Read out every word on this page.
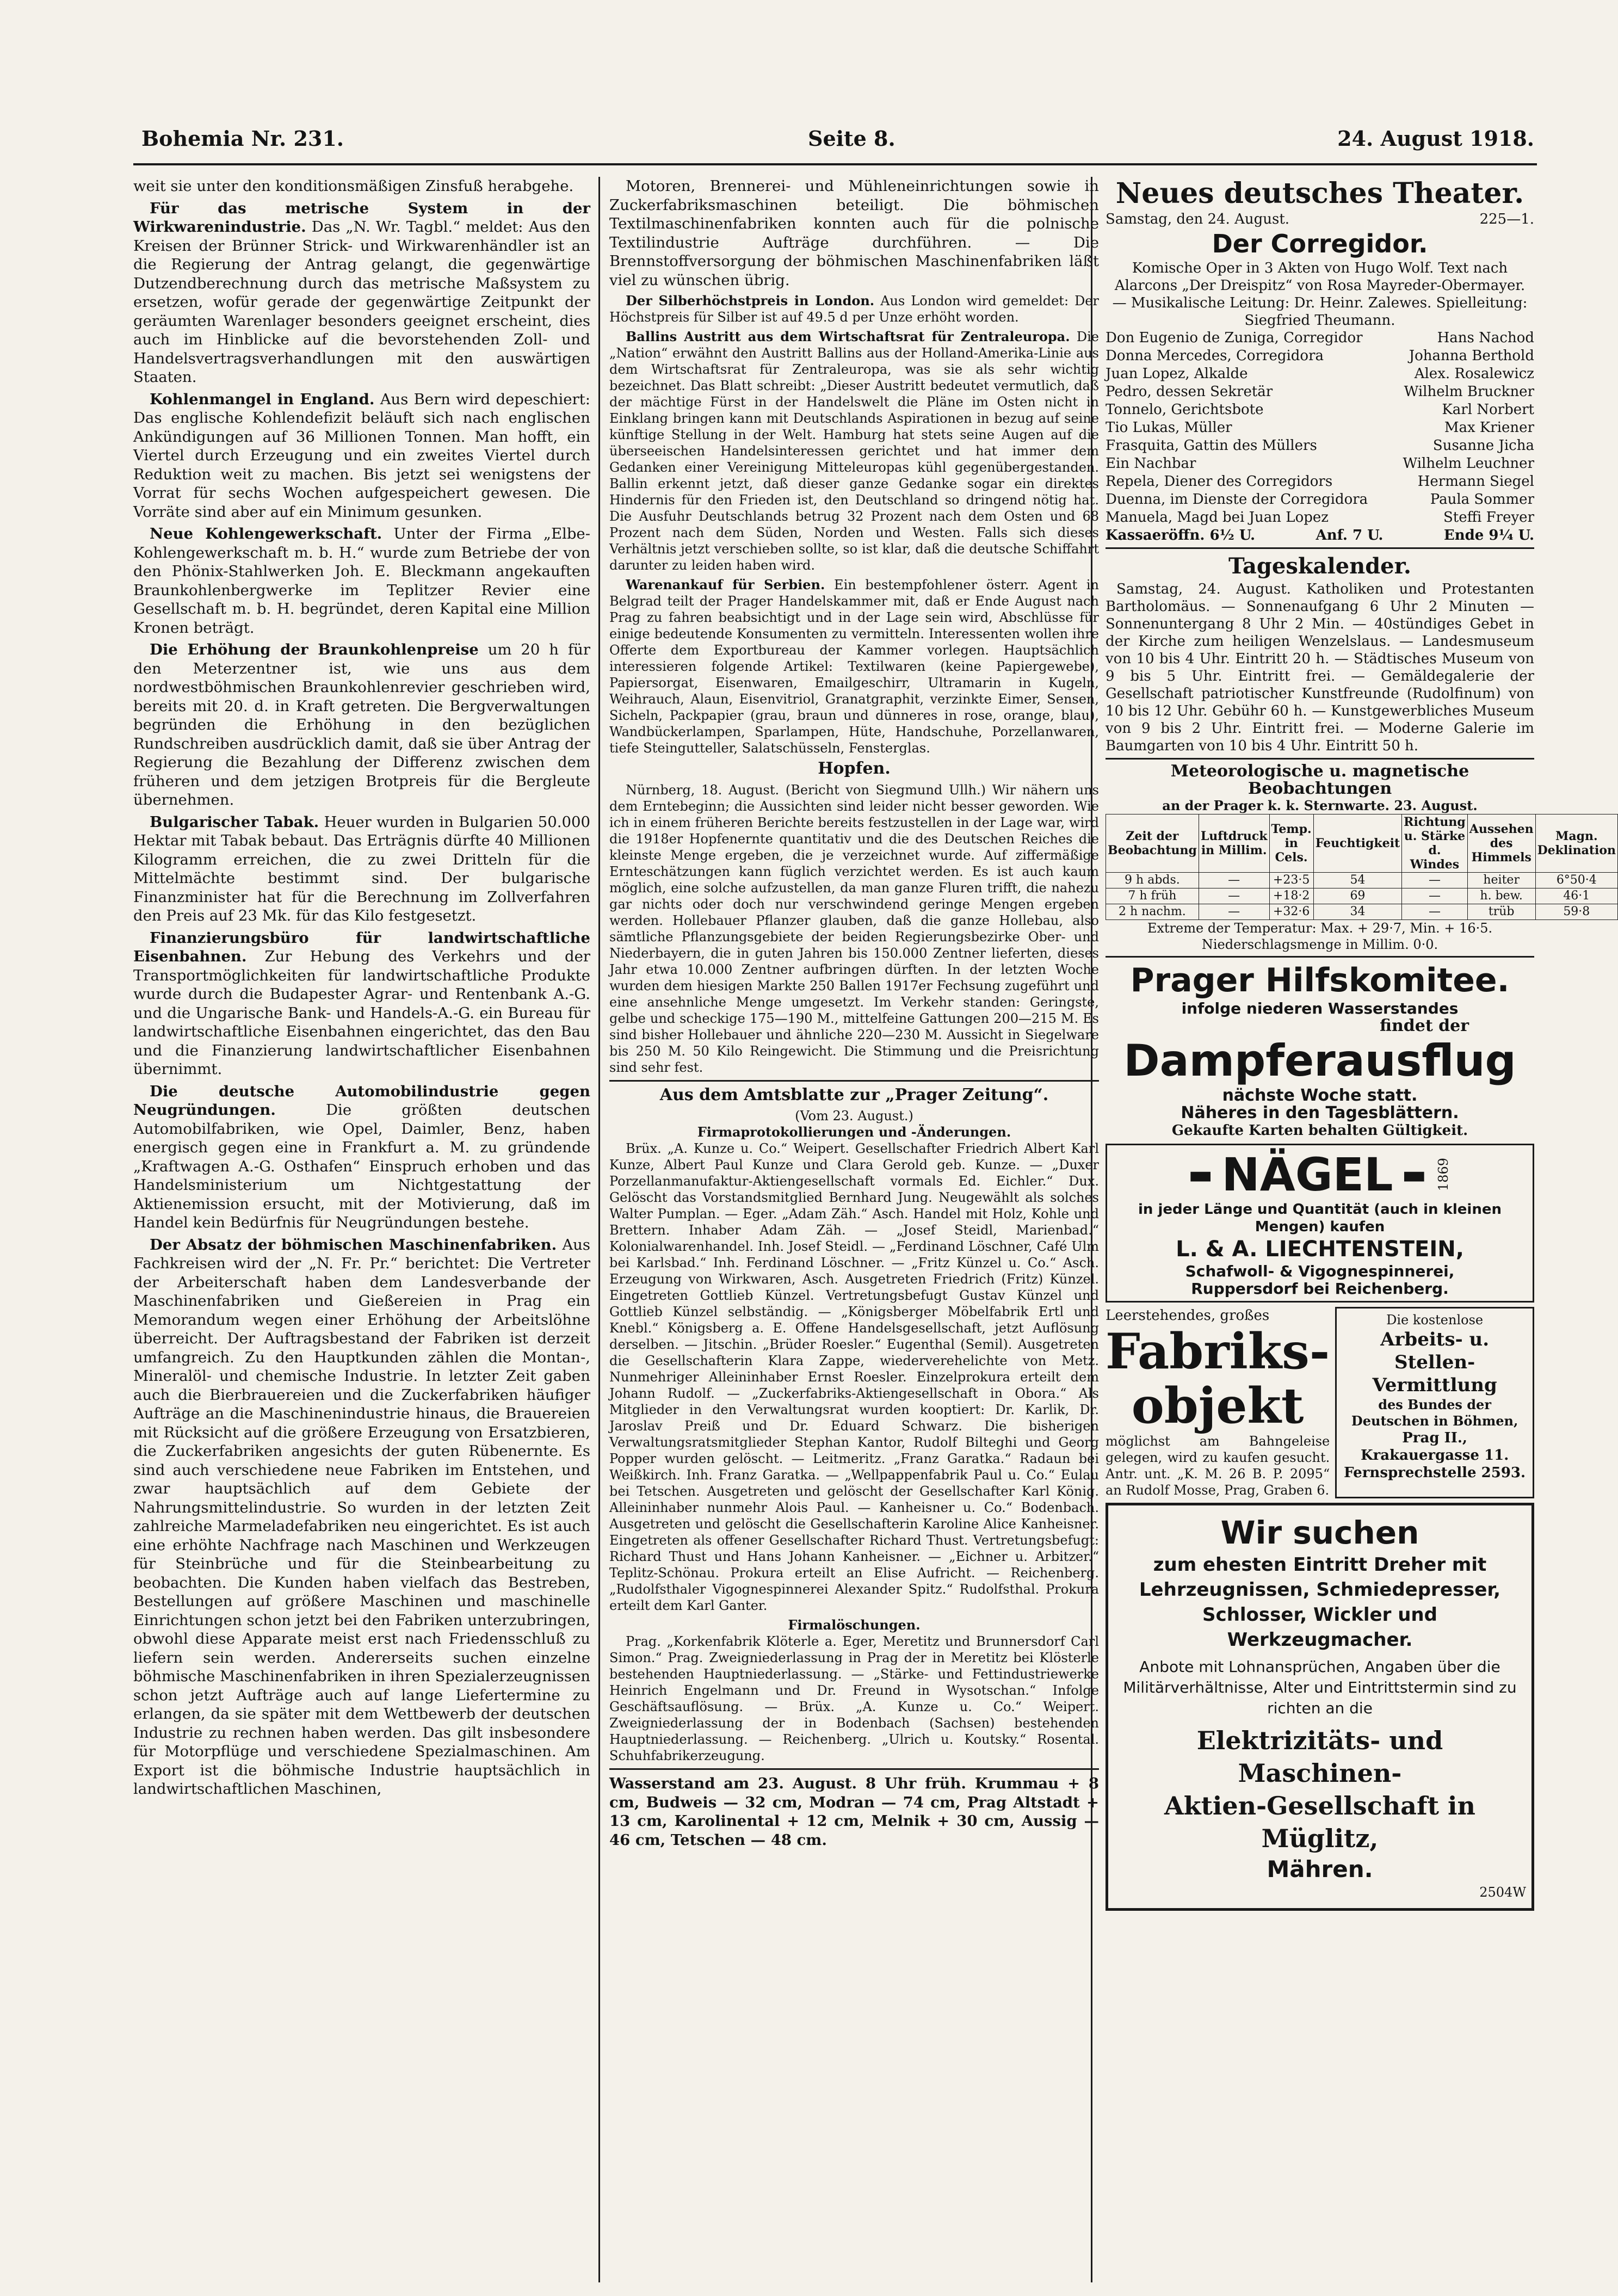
Bohemia Nr. 231.	Seite 8.	24. August 1918.

weit sie unter den konditionsmäßigen Zinsfuß herabgehe.

Für das metrische System in der Wirkwarenindustrie. Das „N. Wr. Tagbl.“ meldet: Aus den Kreisen der Brünner Strick- und Wirkwarenhändler ist an die Regierung der Antrag gelangt, die gegenwärtige Dutzendberechnung durch das metrische Maßsystem zu ersetzen, wofür gerade der gegenwärtige Zeitpunkt der geräumten Warenlager besonders geeignet erscheint, dies auch im Hinblicke auf die bevorstehenden Zoll- und Handelsvertragsverhandlungen mit den auswärtigen Staaten.

Kohlenmangel in England. Aus Bern wird depeschiert: Das englische Kohlendefizit beläuft sich nach englischen Ankündigungen auf 36 Millionen Tonnen. Man hofft, ein Viertel durch Erzeugung und ein zweites Viertel durch Reduktion weit zu machen. Bis jetzt sei wenigstens der Vorrat für sechs Wochen aufgespeichert gewesen. Die Vorräte sind aber auf ein Minimum gesunken.

Neue Kohlengewerkschaft. Unter der Firma „Elbe-Kohlengewerkschaft m. b. H.“ wurde zum Betriebe der von den Phönix-Stahlwerken Joh. E. Bleckmann angekauften Braunkohlenbergwerke im Teplitzer Revier eine Gesellschaft m. b. H. begründet, deren Kapital eine Million Kronen beträgt.

Die Erhöhung der Braunkohlenpreise um 20 h für den Meterzentner ist, wie uns aus dem nordwestböhmischen Braunkohlenrevier geschrieben wird, bereits mit 20. d. in Kraft getreten. Die Bergverwaltungen begründen die Erhöhung in den bezüglichen Rundschreiben ausdrücklich damit, daß sie über Antrag der Regierung die Bezahlung der Differenz zwischen dem früheren und dem jetzigen Brotpreis für die Bergleute übernehmen.

Bulgarischer Tabak. Heuer wurden in Bulgarien 50.000 Hektar mit Tabak bebaut. Das Erträgnis dürfte 40 Millionen Kilogramm erreichen, die zu zwei Dritteln für die Mittelmächte bestimmt sind. Der bulgarische Finanzminister hat für die Berechnung im Zollverfahren den Preis auf 23 Mk. für das Kilo festgesetzt.

Finanzierungsbüro für landwirtschaftliche Eisenbahnen. Zur Hebung des Verkehrs und der Transportmöglichkeiten für landwirtschaftliche Produkte wurde durch die Budapester Agrar- und Rentenbank A.-G. und die Ungarische Bank- und Handels-A.-G. ein Bureau für landwirtschaftliche Eisenbahnen eingerichtet, das den Bau und die Finanzierung landwirtschaftlicher Eisenbahnen übernimmt.

Die deutsche Automobilindustrie gegen Neugründungen.	Die größten deutschen Automobilfabriken, wie Opel, Daimler, Benz, haben energisch gegen eine in Frankfurt a. M. zu gründende „Kraftwagen A.-G. Osthafen“ Einspruch erhoben und das Handelsministerium um Nichtgestattung der Aktienemission ersucht, mit der Motivierung, daß im Handel kein Bedürfnis für Neugründungen bestehe.

Der Absatz der böhmischen Maschinenfabriken. Aus Fachkreisen wird der „N. Fr. Pr.“ berichtet: Die Vertreter der Arbeiterschaft haben dem Landesverbande der Maschinenfabriken und Gießereien in Prag ein Memorandum wegen einer Erhöhung der Arbeitslöhne überreicht. Der Auftragsbestand der Fabriken ist derzeit umfangreich. Zu den Hauptkunden zählen die Montan-, Mineralöl- und chemische Industrie. In letzter Zeit gaben auch die Bierbrauereien und die Zuckerfabriken häufiger Aufträge an die Maschinenindustrie hinaus, die Brauereien mit Rücksicht auf die größere Erzeugung von Ersatzbieren, die Zuckerfabriken angesichts der guten Rübenernte. Es sind auch verschiedene neue Fabriken im Entstehen, und zwar hauptsächlich auf dem Gebiete der Nahrungsmittelindustrie. So wurden in der letzten Zeit zahlreiche Marmeladefabriken neu eingerichtet. Es ist auch eine erhöhte Nachfrage nach Maschinen und Werkzeugen für Steinbrüche und für die Steinbearbeitung zu beobachten. Die Kunden haben vielfach das Bestreben, Bestellungen auf größere Maschinen und maschinelle Einrichtungen schon jetzt bei den Fabriken unterzubringen, obwohl diese Apparate meist erst nach Friedensschluß zu liefern sein werden. Andererseits suchen einzelne böhmische Maschinenfabriken in ihren Spezialerzeugnissen schon jetzt Aufträge auch auf lange Liefertermine zu erlangen, da sie später mit dem Wettbewerb der deutschen Industrie zu rechnen haben werden. Das gilt insbesondere für Motorpflüge und verschiedene Spezialmaschinen. Am Export ist die böhmische Industrie hauptsächlich in landwirtschaftlichen Maschinen,

Motoren, Brennerei- und Mühleneinrichtungen sowie in Zuckerfabriksmaschinen beteiligt. Die böhmischen Textilmaschinenfabriken konnten auch für die polnische Textilindustrie Aufträge durchführen. — Die Brennstoffversorgung der böhmischen Maschinenfabriken läßt viel zu wünschen übrig.

Der Silberhöchstpreis in London. Aus London wird gemeldet: Der Höchstpreis für Silber ist auf 49.5 d per Unze erhöht worden.

Ballins Austritt aus dem Wirtschaftsrat für Zentraleuropa. Die „Nation“ erwähnt den Austritt Ballins aus der Holland-Amerika-Linie aus dem Wirtschaftsrat für Zentraleuropa, was sie als sehr wichtig bezeichnet. Das Blatt schreibt: „Dieser Austritt bedeutet vermutlich, daß der mächtige Fürst in der Handelswelt die Pläne im Osten nicht in Einklang bringen kann mit Deutschlands Aspirationen in bezug auf seine künftige Stellung in der Welt. Hamburg hat stets seine Augen auf die überseeischen Handelsinteressen gerichtet und hat immer dem Gedanken einer Vereinigung Mitteleuropas kühl gegenübergestanden. Ballin erkennt jetzt, daß dieser ganze Gedanke sogar ein direktes Hindernis für den Frieden ist, den Deutschland so dringend nötig hat. Die Ausfuhr Deutschlands betrug 32 Prozent nach dem Osten und 68 Prozent nach dem Süden, Norden und Westen. Falls sich dieses Verhältnis jetzt verschieben sollte, so ist klar, daß die deutsche Schiffahrt darunter zu leiden haben wird.

Warenankauf für Serbien. Ein bestempfohlener österr. Agent in Belgrad teilt der Prager Handelskammer mit, daß er Ende August nach Prag zu fahren beabsichtigt und in der Lage sein wird, Abschlüsse für einige bedeutende Konsumenten zu vermitteln. Interessenten wollen ihre Offerte dem Exportbureau der Kammer vorlegen. Hauptsächlich interessieren folgende Artikel: Textilwaren (keine Papiergewebe), Papiersorgat, Eisenwaren, Emailgeschirr, Ultramarin in Kugeln, Weihrauch, Alaun, Eisenvitriol, Granatgraphit, verzinkte Eimer, Sensen, Sicheln, Packpapier (grau, braun und dünneres in rose, orange, blau), Wandbückerlampen, Sparlampen, Hüte, Handschuhe, Porzellanwaren, tiefe Steingutteller, Salatschüsseln, Fensterglas.

Hopfen.

Nürnberg, 18. August. (Bericht von Siegmund Ullh.) Wir nähern uns dem Erntebeginn; die Aussichten sind leider nicht besser geworden. Wie ich in einem früheren Berichte bereits festzustellen in der Lage war, wird die 1918er Hopfenernte quantitativ und die des Deutschen Reiches die kleinste Menge ergeben, die je verzeichnet wurde. Auf ziffermäßige Ernteschätzungen kann füglich verzichtet werden. Es ist auch kaum möglich, eine solche aufzustellen, da man ganze Fluren trifft, die nahezu gar nichts oder doch nur verschwindend geringe Mengen ergeben werden. Hollebauer Pflanzer glauben, daß die ganze Hollebau, also sämtliche Pflanzungsgebiete der beiden Regierungsbezirke Ober- und Niederbayern, die in guten Jahren bis 150.000 Zentner lieferten, dieses Jahr etwa 10.000 Zentner aufbringen dürften. In der letzten Woche wurden dem hiesigen Markte 250 Ballen 1917er Fechsung zugeführt und eine ansehnliche Menge umgesetzt. Im Verkehr standen: Geringste, gelbe und scheckige 175—190 M., mittelfeine Gattungen 200—215 M. Es sind bisher Hollebauer und ähnliche 220—230 M. Aussicht in Siegelware bis 250 M. 50 Kilo Reingewicht. Die Stimmung und die Preisrichtung sind sehr fest.

Aus dem Amtsblatte zur „Prager Zeitung“.
(Vom 23. August.)
Firmaprotokollierungen und -Änderungen.

Brüx. „A. Kunze u. Co.“ Weipert. Gesellschafter Friedrich Albert Karl Kunze, Albert Paul Kunze und Clara Gerold geb. Kunze. — „Duxer Porzellanmanufaktur-Aktiengesellschaft vormals Ed. Eichler.“ Dux. Gelöscht das Vorstandsmitglied Bernhard Jung. Neugewählt als solches Walter Pumplan. — Eger. „Adam Zäh.“ Asch. Handel mit Holz, Kohle und Brettern. Inhaber Adam Zäh. — „Josef Steidl, Marienbad.“ Kolonialwarenhandel. Inh. Josef Steidl. — „Ferdinand Löschner, Café Ulm bei Karlsbad.“ Inh. Ferdinand Löschner. — „Fritz Künzel u. Co.“ Asch. Erzeugung von Wirkwaren, Asch. Ausgetreten Friedrich (Fritz) Künzel. Eingetreten Gottlieb Künzel. Vertretungsbefugt Gustav Künzel und Gottlieb Künzel selbständig. — „Königsberger Möbelfabrik Ertl und Knebl.“ Königsberg a. E. Offene Handelsgesellschaft, jetzt Auflösung derselben. — Jitschin. „Brüder Roesler.“ Eugenthal (Semil). Ausgetreten die Gesellschafterin Klara Zappe, wiederverehelichte von Metz. Nunmehriger Alleininhaber Ernst Roesler. Einzelprokura erteilt dem Johann Rudolf. — „Zuckerfabriks-Aktiengesellschaft in Obora.“ Als Mitglieder in den Verwaltungsrat wurden kooptiert: Dr. Karlik, Dr. Jaroslav Preiß und Dr. Eduard Schwarz. Die bisherigen Verwaltungsratsmitglieder Stephan Kantor, Rudolf Bilteghi und Georg Popper wurden gelöscht. — Leitmeritz. „Franz Garatka.“ Radaun bei Weißkirch. Inh. Franz Garatka. — „Wellpappenfabrik Paul u. Co.“ Eulau bei Tetschen. Ausgetreten und gelöscht der Gesellschafter Karl König. Alleininhaber nunmehr Alois Paul. — Kanheisner u. Co.“ Bodenbach. Ausgetreten und gelöscht die Gesellschafterin Karoline Alice Kanheisner. Eingetreten als offener Gesellschafter Richard Thust. Vertretungsbefugt: Richard Thust und Hans Johann Kanheisner. — „Eichner u. Arbitzer.“ Teplitz-Schönau. Prokura erteilt an Elise Aufricht. — Reichenberg. „Rudolfsthaler Vigognespinnerei Alexander Spitz.“ Rudolfsthal. Prokura erteilt dem Karl Ganter.

Firmalöschungen.

Prag. „Korkenfabrik Klöterle a. Eger, Meretitz und Brunnersdorf Carl Simon.“ Prag. Zweigniederlassung in Prag der in Meretitz bei Klösterle bestehenden Hauptniederlassung. — „Stärke- und Fettindustriewerke Heinrich Engelmann und Dr. Freund in Wysotschan.“ Infolge Geschäftsauflösung. — Brüx. „A. Kunze u. Co.“ Weipert. Zweigniederlassung der in Bodenbach (Sachsen) bestehenden Hauptniederlassung. — Reichenberg. „Ulrich u. Koutsky.“ Rosental. Schuhfabrikerzeugung.

Wasserstand am 23. August. 8 Uhr früh. Krummau + 8 cm, Budweis — 32 cm, Modran — 74 cm, Prag Altstadt + 13 cm, Karolinental + 12 cm, Melnik + 30 cm, Aussig — 46 cm, Tetschen — 48 cm.

Neues deutsches Theater.
Samstag, den 24. August.	225—1.
Der Corregidor.
Komische Oper in 3 Akten von Hugo Wolf. Text nach Alarcons „Der Dreispitz“ von Rosa Mayreder-Obermayer. — Musikalische Leitung: Dr. Heinr. Zalewes. Spielleitung: Siegfried Theumann.
Don Eugenio de Zuniga, Corregidor	Hans Nachod
Donna Mercedes, Corregidora	Johanna Berthold
Juan Lopez, Alkalde	Alex. Rosalewicz
Pedro, dessen Sekretär	Wilhelm Bruckner
Tonnelo, Gerichtsbote	Karl Norbert
Tio Lukas, Müller	Max Kriener
Frasquita, Gattin des Müllers	Susanne Jicha
Ein Nachbar	Wilhelm Leuchner
Repela, Diener des Corregidors	Hermann Siegel
Duenna, im Dienste der Corregidora	Paula Sommer
Manuela, Magd bei Juan Lopez	Steffi Freyer
Kassaeröffn. 6½ U.	Anf. 7 U.	Ende 9¼ U.
Tageskalender.

Samstag, 24. August. Katholiken und Protestanten Bartholomäus. — Sonnenaufgang 6 Uhr 2 Minuten — Sonnenuntergang 8 Uhr 2 Min. — 40stündiges Gebet in der Kirche zum heiligen Wenzelslaus. — Landesmuseum von 10 bis 4 Uhr. Eintritt 20 h. — Städtisches Museum von 9 bis 5 Uhr. Eintritt frei. — Gemäldegalerie der Gesellschaft patriotischer Kunstfreunde (Rudolfinum) von 10 bis 12 Uhr. Gebühr 60 h. — Kunstgewerbliches Museum von 9 bis 2 Uhr. Eintritt frei. — Moderne Galerie im Baumgarten von 10 bis 4 Uhr. Eintritt 50 h.

Meteorologische u. magnetische Beobachtungen
an der Prager k. k. Sternwarte. 23. August.
Zeit der Beobachtung	Luftdruck in Millim.	Temp. in Cels.	Feuchtigkeit	Richtung u. Stärke d. Windes	Aussehen des Himmels	Magn. Deklination
9 h abds.	—	+23·5	54	—	heiter	6°50·4
7 h früh	—	+18·2	69	—	h. bew.	46·1
2 h nachm.	—	+32·6	34	—	trüb	59·8
Extreme der Temperatur: Max. + 29·7, Min. + 16·5. Niederschlagsmenge in Millim. 0·0.
Prager Hilfskomitee.
infolge niederen Wasserstandes
findet der
Dampferausflug
nächste Woche statt.
Näheres in den Tagesblättern.
Gekaufte Karten behalten Gültigkeit.
▬ NÄGEL ▬ 1869
in jeder Länge und Quantität (auch in kleinen Mengen) kaufen
L. & A. LIECHTENSTEIN,
Schafwoll- & Vigognespinnerei,
Ruppersdorf bei Reichenberg.
Leerstehendes, großes
Fabriks-
objekt
möglichst am Bahngeleise gelegen, wird zu kaufen gesucht. Antr. unt. „K. M. 26 B. P. 2095“ an Rudolf Mosse, Prag, Graben 6.
Die kostenlose
Arbeits- u. Stellen-
Vermittlung
des Bundes der Deutschen in Böhmen,
Prag II., Krakauergasse 11.
Fernsprechstelle 2593.
Wir suchen
zum ehesten Eintritt Dreher mit Lehrzeugnissen, Schmiedepresser, Schlosser, Wickler und Werkzeugmacher.
Anbote mit Lohnansprüchen, Angaben über die Militärverhältnisse, Alter und Eintrittstermin sind zu richten an die
Elektrizitäts- und Maschinen-
Aktien-Gesellschaft in Müglitz,
Mähren.
2504W
